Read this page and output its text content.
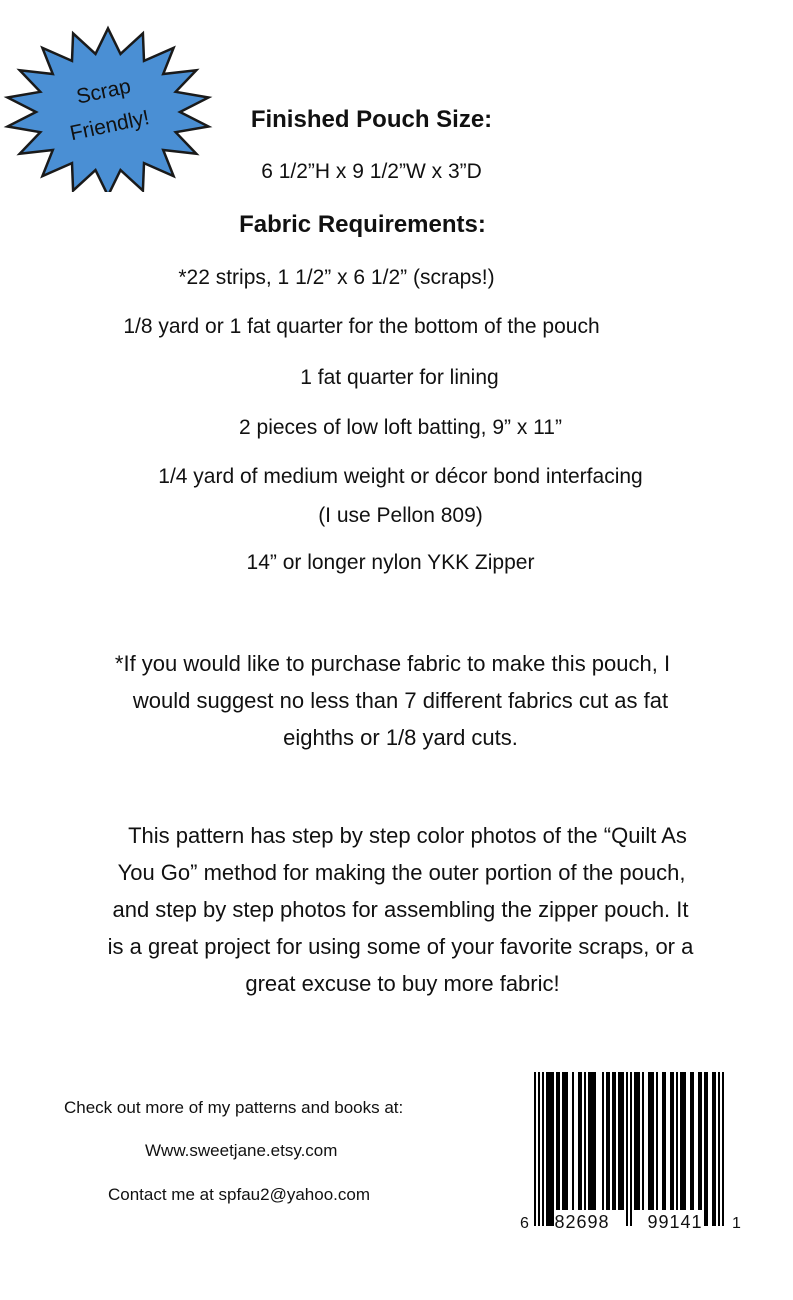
Scrap
Friendly!	Finished Pouch Size:
6 1/2”H x 9 1/2”W x 3”D
Fabric Requirements:
*22 strips, 1 1/2” x 6 1/2” (scraps!)
1/8 yard or 1 fat quarter for the bottom of the pouch
1 fat quarter for lining
2 pieces of low loft batting, 9” x 11”
1/4 yard of medium weight or décor bond interfacing
(I use Pellon 809)
14” or longer nylon YKK Zipper
*If you would like to purchase fabric to make this pouch, I
would suggest no less than 7 different fabrics cut as fat
eighths or 1/8 yard cuts.
This pattern has step by step color photos of the “Quilt As
You Go” method for making the outer portion of the pouch,
and step by step photos for assembling the zipper pouch. It
is a great project for using some of your favorite scraps, or a
great excuse to buy more fabric!
Check out more of my patterns and books at:
Www.sweetjane.etsy.com
Contact me at spfau2@yahoo.com
6 82698 99141 1
